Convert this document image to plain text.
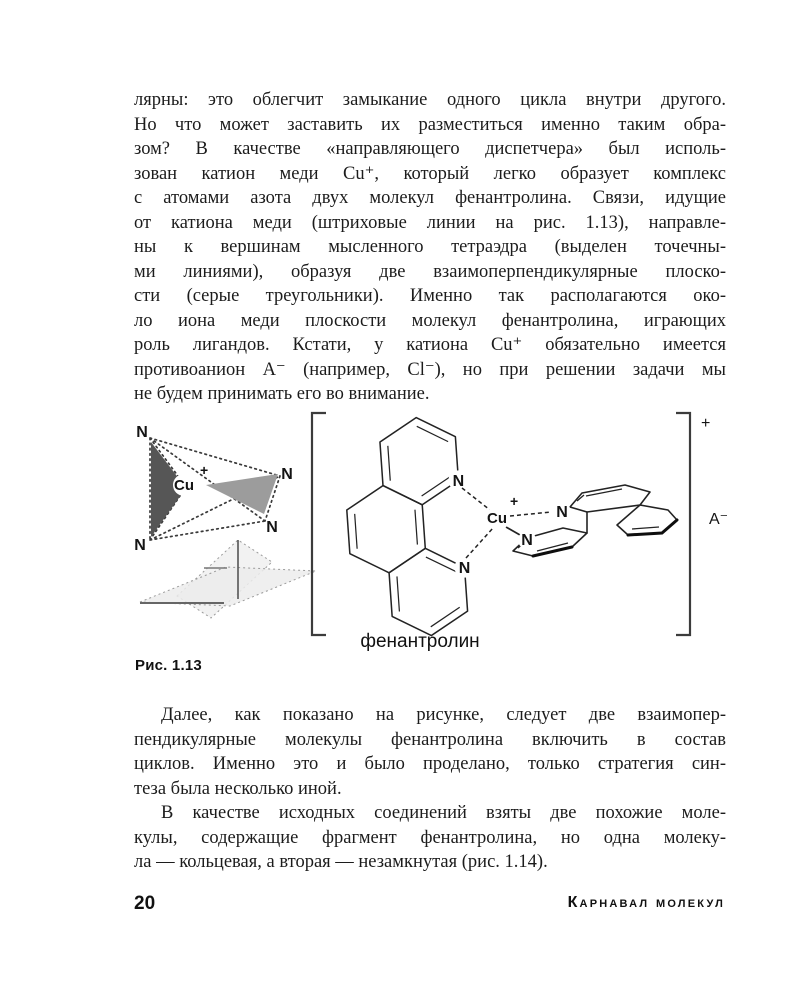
лярны: это облегчит замыкание одного цикла внутри другого.
Но что может заставить их разместиться именно таким обра-
зом? В качестве «направляющего диспетчера» был исполь-
зован катион меди Cu⁺, который легко образует комплекс
с атомами азота двух молекул фенантролина. Связи, идущие
от катиона меди (штриховые линии на рис. 1.13), направле-
ны к вершинам мысленного тетраэдра (выделен точечны-
ми линиями), образуя две взаимоперпендикулярные плоско-
сти (серые треугольники). Именно так располагаются око-
ло иона меди плоскости молекул фенантролина, играющих
роль лигандов. Кстати, у катиона Cu⁺ обязательно имеется
противоанион A⁻ (например, Cl⁻), но при решении задачи мы
не будем принимать его во внимание.
Cu
+
N
N
N
N
+
A⁻
N
N
Cu
+
N
N
фенантролин
Рис. 1.13
Далее, как показано на рисунке, следует две взаимопер-
пендикулярные молекулы фенантролина включить в состав
циклов. Именно это и было проделано, только стратегия син-
теза была несколько иной.
В качестве исходных соединений взяты две похожие моле-
кулы, содержащие фрагмент фенантролина, но одна молеку-
ла — кольцевая, а вторая — незамкнутая (рис. 1.14).
20	Карнавал молекул
